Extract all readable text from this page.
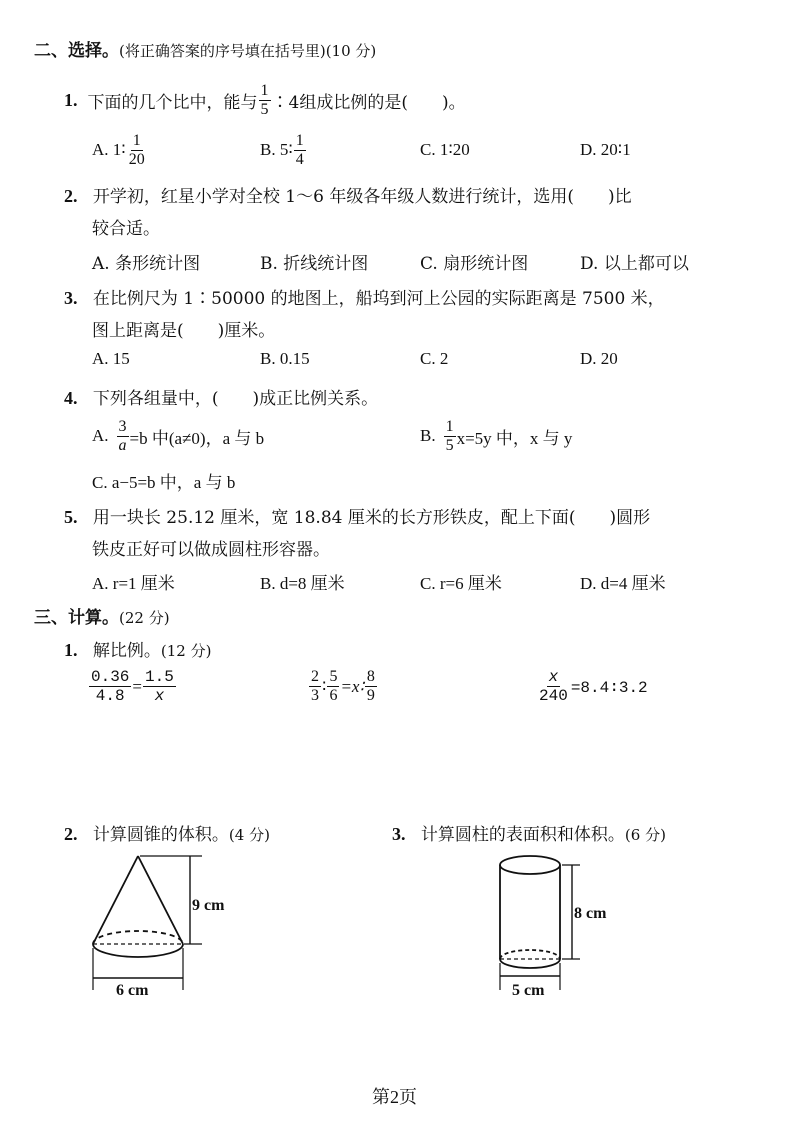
二、选择。(将正确答案的序号填在括号里)(10 分)
1. 下面的几个比中，能与 $\frac{1}{5}$ ∶4组成比例的是(　　)。
A. 1∶ $\frac{1}{20}$	B. 5∶ $\frac{1}{4}$	C. 1∶20	D. 20∶1
2. 开学初，红星小学对全校 1～6 年级各年级人数进行统计，选用(　　)比
较合适。
A. 条形统计图	B. 折线统计图	C. 扇形统计图	D. 以上都可以
3. 在比例尺为 1∶50000 的地图上，船坞到河上公园的实际距离是 7500 米，
图上距离是(　　)厘米。
A. 15	B. 0.15	C. 2	D. 20
4. 下列各组量中，(　　)成正比例关系。
A. $\frac{3}{a} =b$ 中(a≠0)，a 与 b	B. $\frac{1}{5} x=5y$ 中，x 与 y
C. a−5=b 中，a 与 b
5. 用一块长 25.12 厘米，宽 18.84 厘米的长方形铁皮，配上下面(　　)圆形
铁皮正好可以做成圆柱形容器。
A. r=1 厘米	B. d=8 厘米	C. r=6 厘米	D. d=4 厘米
三、计算。(22 分)
1. 解比例。(12 分)
$\frac{0.36}{4.8} = \frac{1.5}{x}$	$\frac{2}{3}$ ∶ $\frac{5}{6}$ =x∶ $\frac{8}{9}$	$\frac{x}{240}$ =8.4∶3.2
2. 计算圆锥的体积。(4 分)
9 cm
6 cm
3. 计算圆柱的表面积和体积。(6 分)
8 cm
5 cm
第2页
